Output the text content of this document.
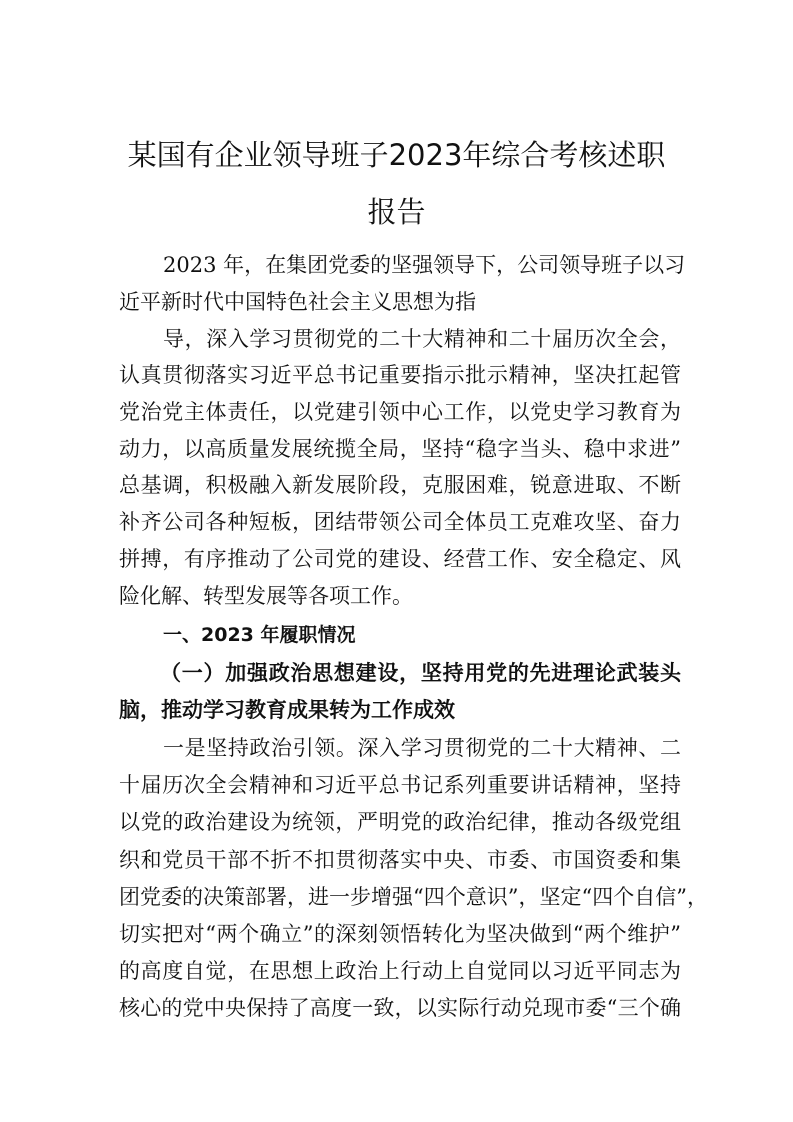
某国有企业领导班子2023年综合考核述职
报告
2023 年，在集团党委的坚强领导下，公司领导班子以习
近平新时代中国特色社会主义思想为指
导，深入学习贯彻党的二十大精神和二十届历次全会，
认真贯彻落实习近平总书记重要指示批示精神，坚决扛起管
党治党主体责任，以党建引领中心工作，以党史学习教育为
动力，以高质量发展统揽全局，坚持“稳字当头、稳中求进”
总基调，积极融入新发展阶段，克服困难，锐意进取、不断
补齐公司各种短板，团结带领公司全体员工克难攻坚、奋力
拼搏，有序推动了公司党的建设、经营工作、安全稳定、风
险化解、转型发展等各项工作。
一、2023 年履职情况
（一）加强政治思想建设，坚持用党的先进理论武装头
脑，推动学习教育成果转为工作成效
一是坚持政治引领。深入学习贯彻党的二十大精神、二
十届历次全会精神和习近平总书记系列重要讲话精神，坚持
以党的政治建设为统领，严明党的政治纪律，推动各级党组
织和党员干部不折不扣贯彻落实中央、市委、市国资委和集
团党委的决策部署，进一步增强“四个意识”，坚定“四个自信”，
切实把对“两个确立”的深刻领悟转化为坚决做到“两个维护”
的高度自觉，在思想上政治上行动上自觉同以习近平同志为
核心的党中央保持了高度一致，以实际行动兑现市委“三个确
